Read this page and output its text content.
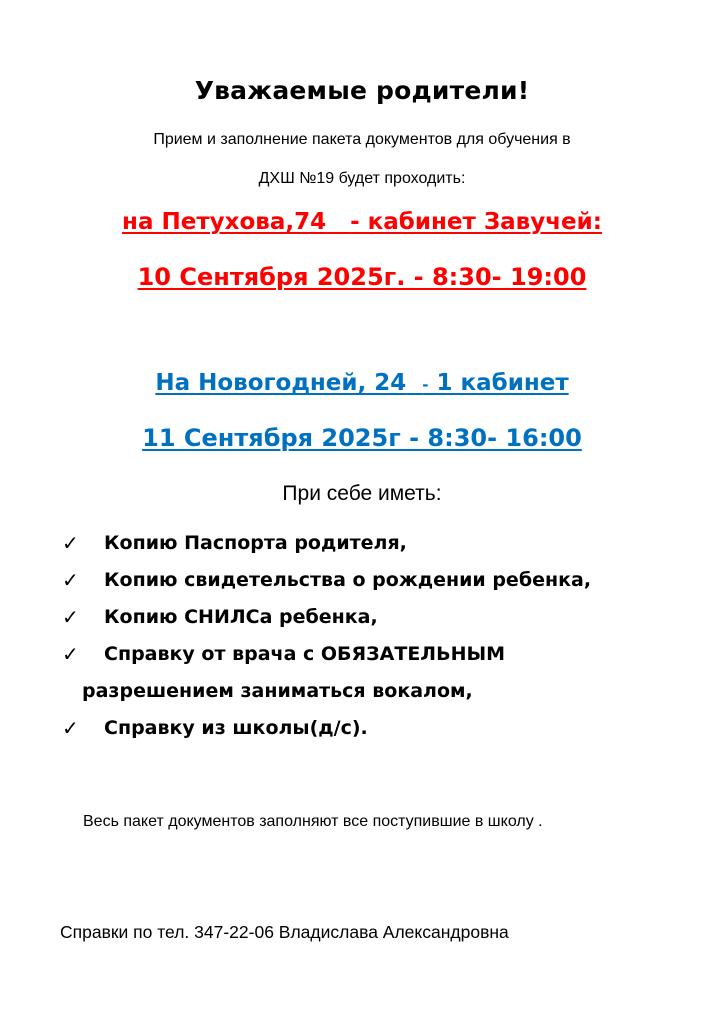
Уважаемые родители!
Прием и заполнение пакета документов для обучения в
ДХШ №19 будет проходить:
на Петухова,74 - кабинет Завучей:
10 Сентября 2025г. - 8:30- 19:00
На Новогодней, 24 - 1 кабинет
11 Сентября 2025г - 8:30- 16:00
При себе иметь:
✓ Копию Паспорта родителя,
✓ Копию свидетельства о рождении ребенка,
✓ Копию СНИЛСа ребенка,
✓ Справку от врача с ОБЯЗАТЕЛЬНЫМ
разрешением заниматься вокалом,
✓ Справку из школы(д/с).
Весь пакет документов заполняют все поступившие в школу .
Справки по тел. 347-22-06 Владислава Александровна
